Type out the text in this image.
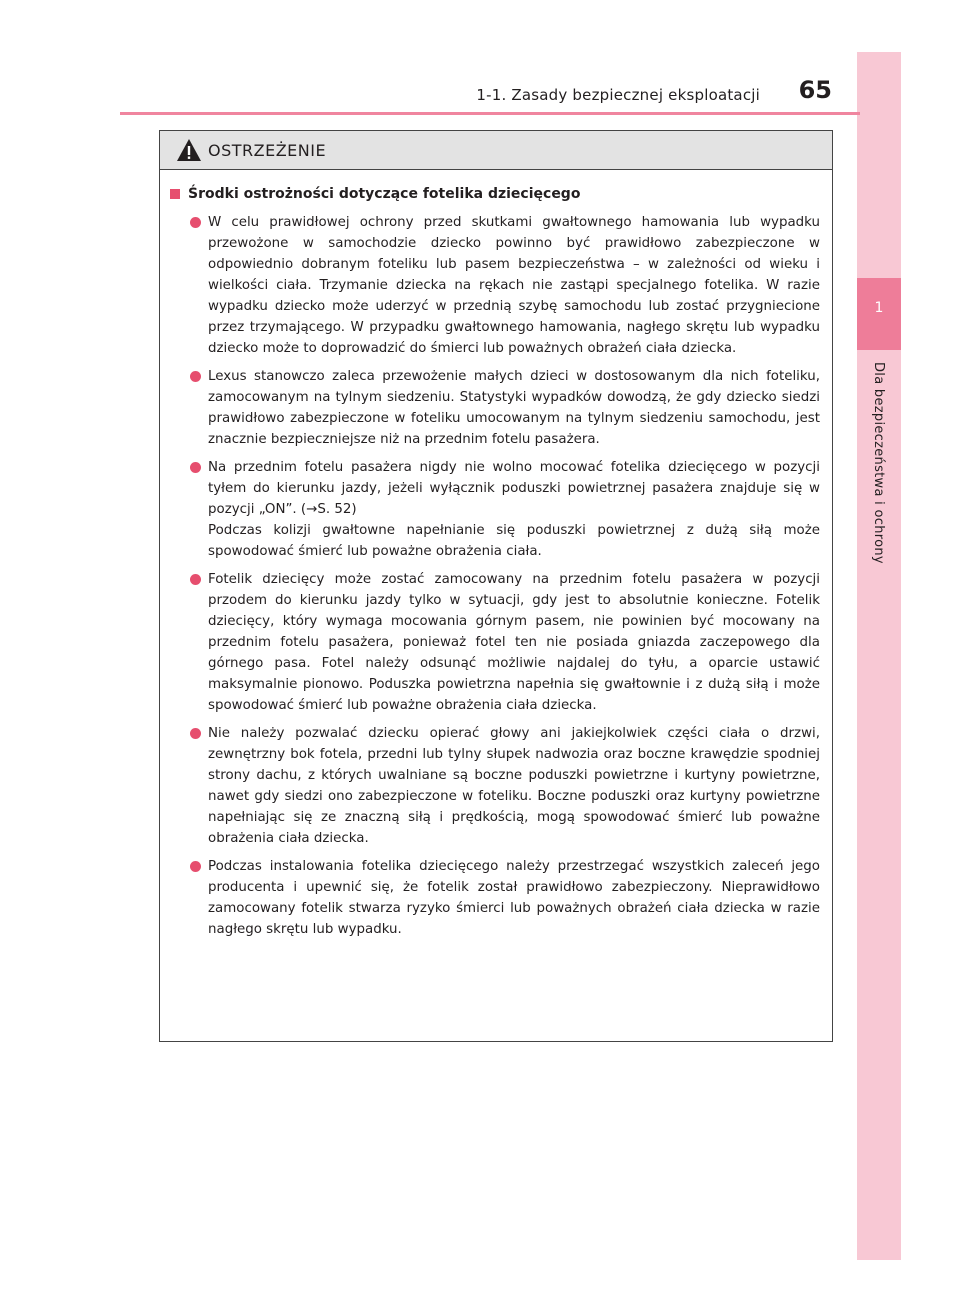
1
Dla bezpieczeństwa i ochrony
1-1. Zasady bezpiecznej eksploatacji	65
OSTRZEŻENIE
Środki ostrożności dotyczące fotelika dziecięcego
W celu prawidłowej ochrony przed skutkami gwałtownego hamowania lub wypadku przewożone w samochodzie dziecko powinno być prawidłowo zabezpieczone w odpowiednio dobranym foteliku lub pasem bezpieczeństwa – w zależności od wieku i wielkości ciała. Trzymanie dziecka na rękach nie zastąpi specjalnego fotelika. W razie wypadku dziecko może uderzyć w przednią szybę samochodu lub zostać przygniecione przez trzymającego. W przypadku gwałtownego hamowania, nagłego skrętu lub wypadku dziecko może to doprowadzić do śmierci lub poważnych obrażeń ciała dziecka.
Lexus stanowczo zaleca przewożenie małych dzieci w dostosowanym dla nich foteliku, zamocowanym na tylnym siedzeniu. Statystyki wypadków dowodzą, że gdy dziecko siedzi prawidłowo zabezpieczone w foteliku umocowanym na tylnym siedzeniu samochodu, jest znacznie bezpieczniejsze niż na przednim fotelu pasażera.
Na przednim fotelu pasażera nigdy nie wolno mocować fotelika dziecięcego w pozycji tyłem do kierunku jazdy, jeżeli wyłącznik poduszki powietrznej pasażera znajduje się w pozycji „ON”. (→S. 52)
Podczas kolizji gwałtowne napełnianie się poduszki powietrznej z dużą siłą może spowodować śmierć lub poważne obrażenia ciała.
Fotelik dziecięcy może zostać zamocowany na przednim fotelu pasażera w pozycji przodem do kierunku jazdy tylko w sytuacji, gdy jest to absolutnie konieczne. Fotelik dziecięcy, który wymaga mocowania górnym pasem, nie powinien być mocowany na przednim fotelu pasażera, ponieważ fotel ten nie posiada gniazda zaczepowego dla górnego pasa. Fotel należy odsunąć możliwie najdalej do tyłu, a oparcie ustawić maksymalnie pionowo. Poduszka powietrzna napełnia się gwałtownie i z dużą siłą i może spowodować śmierć lub poważne obrażenia ciała dziecka.
Nie należy pozwalać dziecku opierać głowy ani jakiejkolwiek części ciała o drzwi, zewnętrzny bok fotela, przedni lub tylny słupek nadwozia oraz boczne krawędzie spodniej strony dachu, z których uwalniane są boczne poduszki powietrzne i kurtyny powietrzne, nawet gdy siedzi ono zabezpieczone w foteliku. Boczne poduszki oraz kurtyny powietrzne napełniając się ze znaczną siłą i prędkością, mogą spowodować śmierć lub poważne obrażenia ciała dziecka.
Podczas instalowania fotelika dziecięcego należy przestrzegać wszystkich zaleceń jego producenta i upewnić się, że fotelik został prawidłowo zabezpieczony. Nieprawidłowo zamocowany fotelik stwarza ryzyko śmierci lub poważnych obrażeń ciała dziecka w razie nagłego skrętu lub wypadku.
